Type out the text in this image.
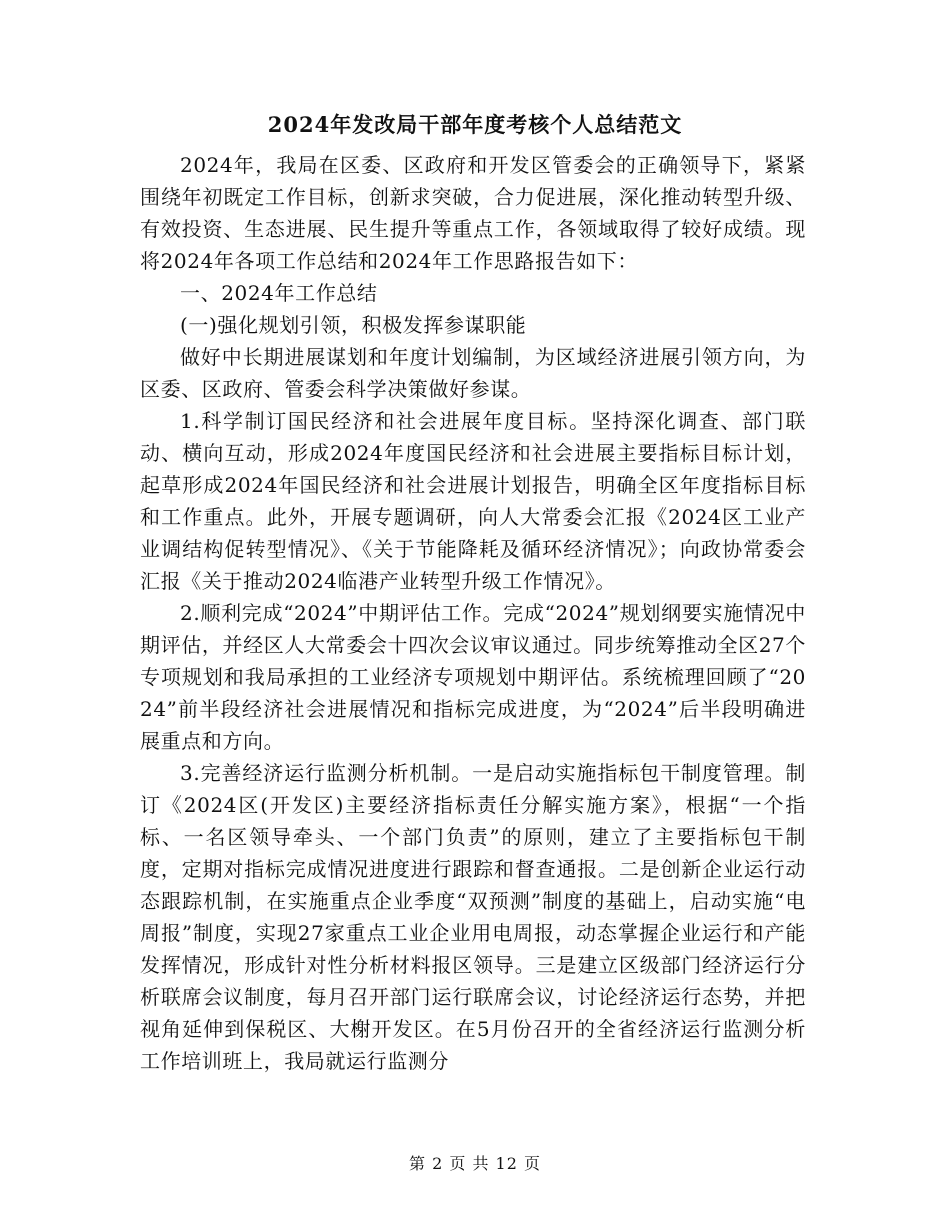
2024年发改局干部年度考核个人总结范文

2024年，我局在区委、区政府和开发区管委会的正确领导下，紧紧围绕年初既定工作目标，创新求突破，合力促进展，深化推动转型升级、有效投资、生态进展、民生提升等重点工作，各领域取得了较好成绩。现将2024年各项工作总结和2024年工作思路报告如下：

一、2024年工作总结

(一)强化规划引领，积极发挥参谋职能

做好中长期进展谋划和年度计划编制，为区域经济进展引领方向，为区委、区政府、管委会科学决策做好参谋。

1.科学制订国民经济和社会进展年度目标。坚持深化调查、部门联动、横向互动，形成2024年度国民经济和社会进展主要指标目标计划，起草形成2024年国民经济和社会进展计划报告，明确全区年度指标目标和工作重点。此外，开展专题调研，向人大常委会汇报《2024区工业产业调结构促转型情况》、《关于节能降耗及循环经济情况》；向政协常委会汇报《关于推动2024临港产业转型升级工作情况》。

2.顺利完成“2024”中期评估工作。完成“2024”规划纲要实施情况中期评估，并经区人大常委会十四次会议审议通过。同步统筹推动全区27个专项规划和我局承担的工业经济专项规划中期评估。系统梳理回顾了“2024”前半段经济社会进展情况和指标完成进度，为“2024”后半段明确进展重点和方向。

3.完善经济运行监测分析机制。一是启动实施指标包干制度管理。制订《2024区(开发区)主要经济指标责任分解实施方案》，根据“一个指标、一名区领导牵头、一个部门负责”的原则，建立了主要指标包干制度，定期对指标完成情况进度进行跟踪和督查通报。二是创新企业运行动态跟踪机制，在实施重点企业季度“双预测”制度的基础上，启动实施“电周报”制度，实现27家重点工业企业用电周报，动态掌握企业运行和产能发挥情况，形成针对性分析材料报区领导。三是建立区级部门经济运行分析联席会议制度，每月召开部门运行联席会议，讨论经济运行态势，并把视角延伸到保税区、大榭开发区。在5月份召开的全省经济运行监测分析工作培训班上，我局就运行监测分

第 2 页 共 12 页
